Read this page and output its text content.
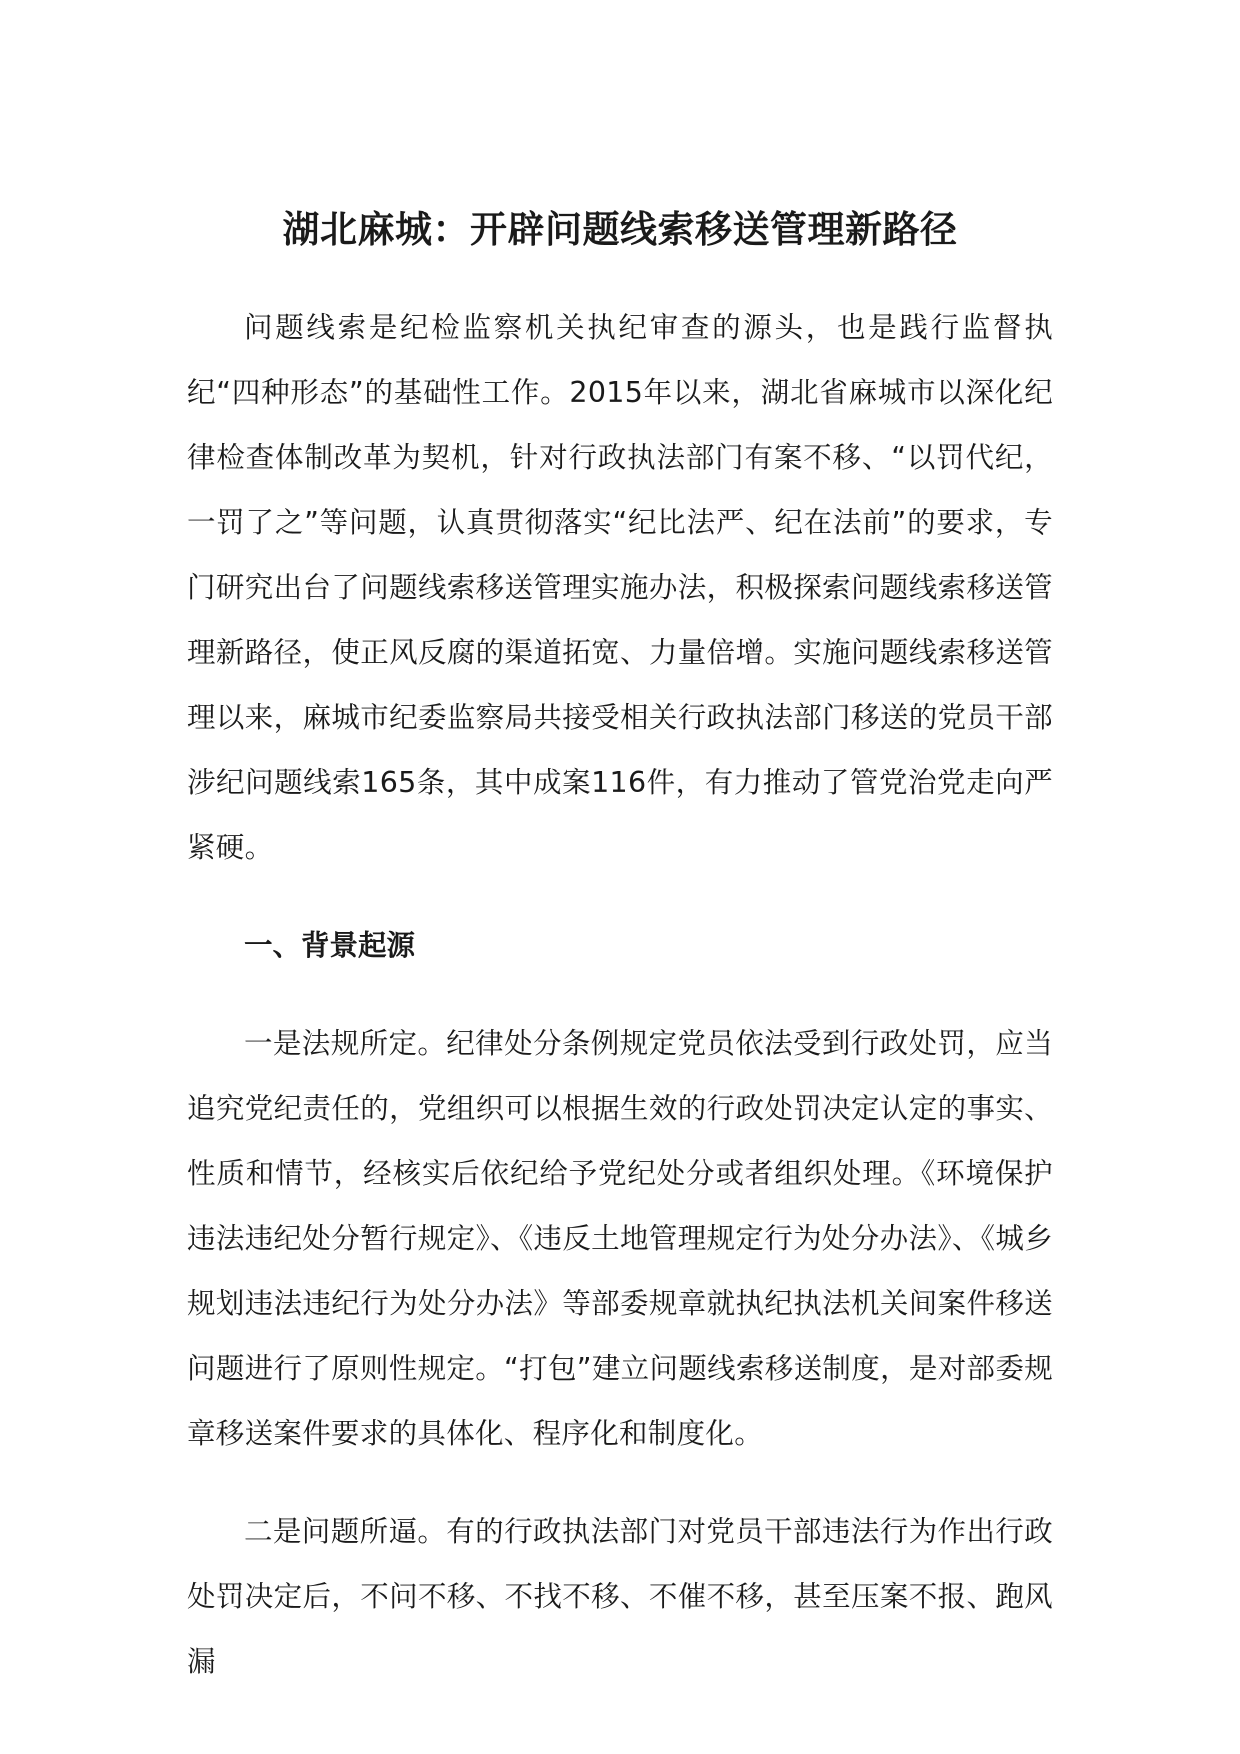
湖北麻城：开辟问题线索移送管理新路径

问题线索是纪检监察机关执纪审查的源头，也是践行监督执纪“四种形态”的基础性工作。2015年以来，湖北省麻城市以深化纪律检查体制改革为契机，针对行政执法部门有案不移、“以罚代纪，一罚了之”等问题，认真贯彻落实“纪比法严、纪在法前”的要求，专门研究出台了问题线索移送管理实施办法，积极探索问题线索移送管理新路径，使正风反腐的渠道拓宽、力量倍增。实施问题线索移送管理以来，麻城市纪委监察局共接受相关行政执法部门移送的党员干部涉纪问题线索165条，其中成案116件，有力推动了管党治党走向严紧硬。

一、背景起源

一是法规所定。纪律处分条例规定党员依法受到行政处罚，应当追究党纪责任的，党组织可以根据生效的行政处罚决定认定的事实、性质和情节，经核实后依纪给予党纪处分或者组织处理。《环境保护违法违纪处分暂行规定》、《违反土地管理规定行为处分办法》、《城乡规划违法违纪行为处分办法》等部委规章就执纪执法机关间案件移送问题进行了原则性规定。“打包”建立问题线索移送制度，是对部委规章移送案件要求的具体化、程序化和制度化。

二是问题所逼。有的行政执法部门对党员干部违法行为作出行政处罚决定后，不问不移、不找不移、不催不移，甚至压案不报、跑风漏
